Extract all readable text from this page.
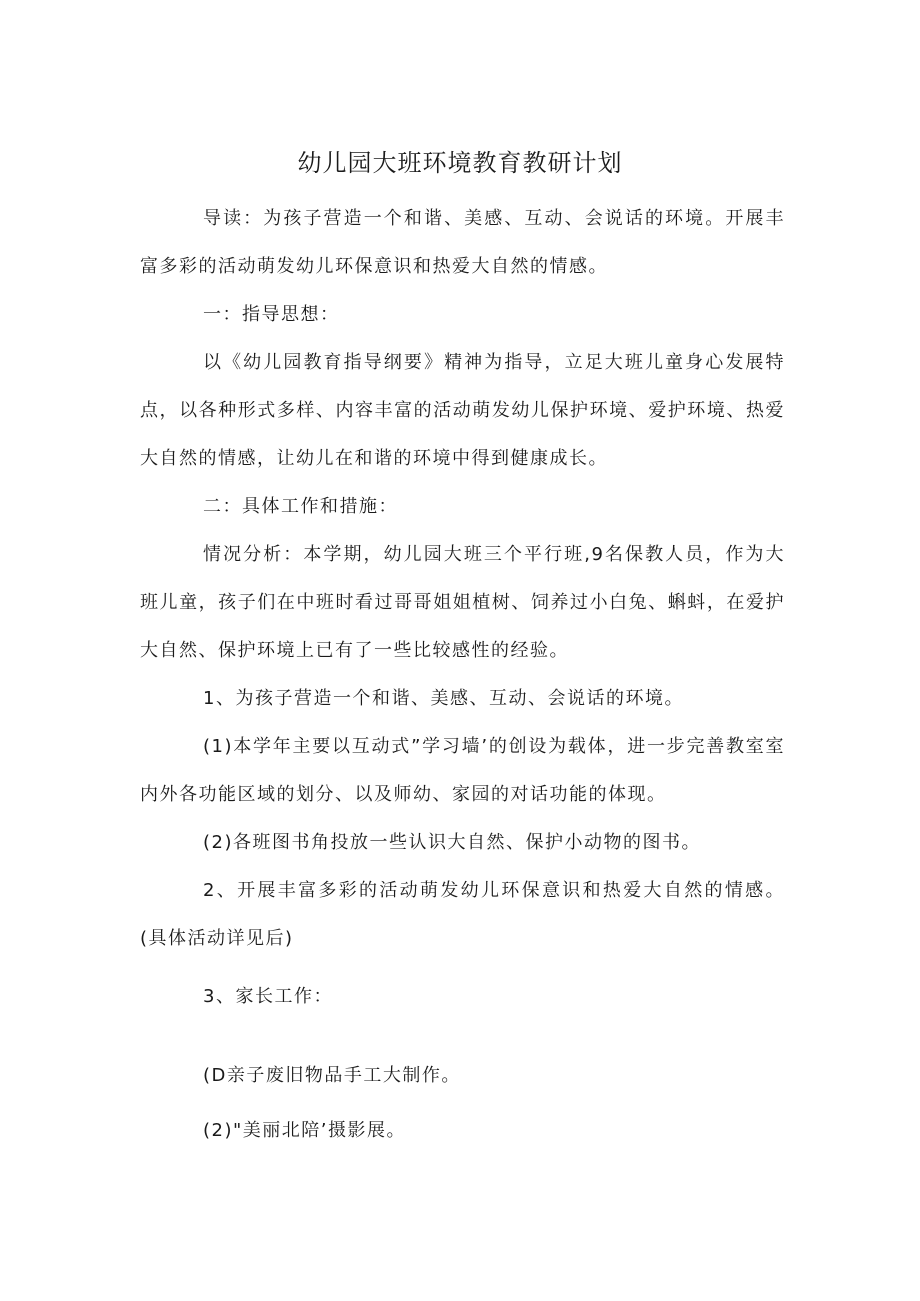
幼儿园大班环境教育教研计划

导读：为孩子营造一个和谐、美感、互动、会说话的环境。开展丰富多彩的活动萌发幼儿环保意识和热爱大自然的情感。

一：指导思想：

以《幼儿园教育指导纲要》精神为指导，立足大班儿童身心发展特点，以各种形式多样、内容丰富的活动萌发幼儿保护环境、爱护环境、热爱大自然的情感，让幼儿在和谐的环境中得到健康成长。

二：具体工作和措施：

情况分析：本学期，幼儿园大班三个平行班,9名保教人员，作为大班儿童，孩子们在中班时看过哥哥姐姐植树、饲养过小白兔、蝌蚪，在爱护大自然、保护环境上已有了一些比较感性的经验。

1、为孩子营造一个和谐、美感、互动、会说话的环境。

(1)本学年主要以互动式”学习墙’的创设为载体，进一步完善教室室内外各功能区域的划分、以及师幼、家园的对话功能的体现。

(2)各班图书角投放一些认识大自然、保护小动物的图书。

2、开展丰富多彩的活动萌发幼儿环保意识和热爱大自然的情感。(具体活动详见后)

3、家长工作：

(D亲子废旧物品手工大制作。

(2)"美丽北陪’摄影展。
